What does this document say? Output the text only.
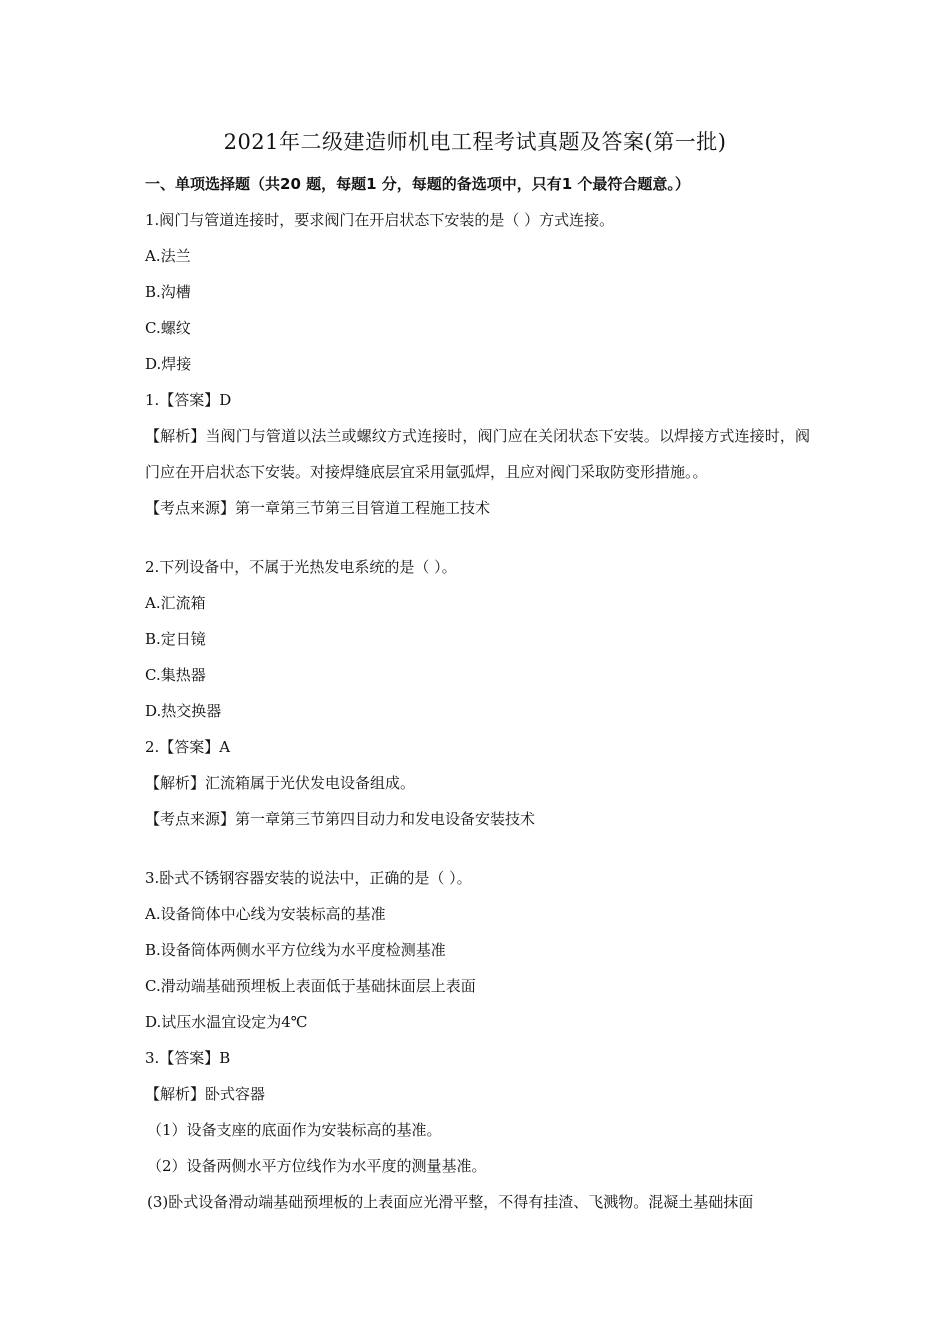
2021年二级建造师机电工程考试真题及答案(第一批)
一、单项选择题（共20 题，每题1 分，每题的备选项中，只有1 个最符合题意。）
1.阀门与管道连接时，要求阀门在开启状态下安装的是（ ）方式连接。
A.法兰
B.沟槽
C.螺纹
D.焊接
1.【答案】D
【解析】当阀门与管道以法兰或螺纹方式连接时，阀门应在关闭状态下安装。以焊接方式连接时，阀门应在开启状态下安装。对接焊缝底层宜采用氩弧焊，且应对阀门采取防变形措施。。
【考点来源】第一章第三节第三目管道工程施工技术
2.下列设备中，不属于光热发电系统的是（ ）。
A.汇流箱
B.定日镜
C.集热器
D.热交换器
2.【答案】A
【解析】汇流箱属于光伏发电设备组成。
【考点来源】第一章第三节第四目动力和发电设备安装技术
3.卧式不锈钢容器安装的说法中，正确的是（ ）。
A.设备筒体中心线为安装标高的基准
B.设备筒体两侧水平方位线为水平度检测基准
C.滑动端基础预埋板上表面低于基础抹面层上表面
D.试压水温宜设定为4℃
3.【答案】B
【解析】卧式容器
（1）设备支座的底面作为安装标高的基准。
（2）设备两侧水平方位线作为水平度的测量基准。
(3)卧式设备滑动端基础预埋板的上表面应光滑平整，不得有挂渣、飞溅物。混凝土基础抹面
